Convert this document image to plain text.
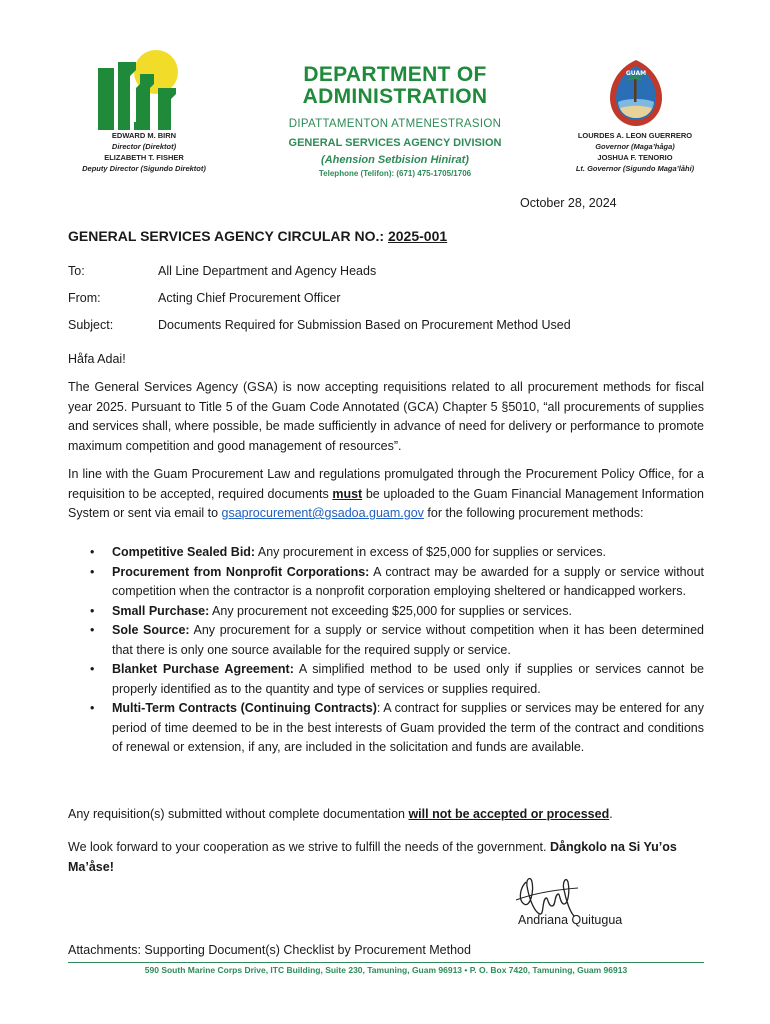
EDWARD M. BIRN
Director (Direktot)
ELIZABETH T. FISHER
Deputy Director (Sigundo Direktot)
DEPARTMENT OF
ADMINISTRATION
DIPATTAMENTON ATMENESTRASION
GENERAL SERVICES AGENCY DIVISION
(Ahension Setbision Hinirat)
Telephone (Telifon): (671) 475-1705/1706
GUAM
LOURDES A. LEON GUERRERO
Governor (Maga’håga)
JOSHUA F. TENORIO
Lt. Governor (Sigundo Maga’låhi)
October 28, 2024
GENERAL SERVICES AGENCY CIRCULAR NO.: 2025-001
To:	All Line Department and Agency Heads
From:	Acting Chief Procurement Officer
Subject:	Documents Required for Submission Based on Procurement Method Used
Håfa Adai!
The General Services Agency (GSA) is now accepting requisitions related to all procurement methods for fiscal year 2025. Pursuant to Title 5 of the Guam Code Annotated (GCA) Chapter 5 §5010, “all procurements of supplies and services shall, where possible, be made sufficiently in advance of need for delivery or performance to promote maximum competition and good management of resources”.
In line with the Guam Procurement Law and regulations promulgated through the Procurement Policy Office, for a requisition to be accepted, required documents must be uploaded to the Guam Financial Management Information System or sent via email to gsaprocurement@gsadoa.guam.gov for the following procurement methods:
• Competitive Sealed Bid: Any procurement in excess of $25,000 for supplies or services.
• Procurement from Nonprofit Corporations: A contract may be awarded for a supply or service without competition when the contractor is a nonprofit corporation employing sheltered or handicapped workers.
• Small Purchase: Any procurement not exceeding $25,000 for supplies or services.
• Sole Source: Any procurement for a supply or service without competition when it has been determined that there is only one source available for the required supply or service.
• Blanket Purchase Agreement: A simplified method to be used only if supplies or services cannot be properly identified as to the quantity and type of services or supplies required.
• Multi-Term Contracts (Continuing Contracts): A contract for supplies or services may be entered for any period of time deemed to be in the best interests of Guam provided the term of the contract and conditions of renewal or extension, if any, are included in the solicitation and funds are available.
Any requisition(s) submitted without complete documentation will not be accepted or processed.
We look forward to your cooperation as we strive to fulfill the needs of the government. Dångkolo na Si Yu’os Ma’åse!
Andriana Quitugua
Attachments: Supporting Document(s) Checklist by Procurement Method
590 South Marine Corps Drive, ITC Building, Suite 230, Tamuning, Guam 96913 • P. O. Box 7420, Tamuning, Guam 96913
